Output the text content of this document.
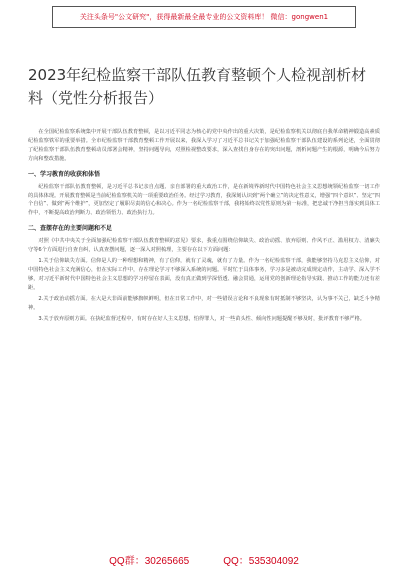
关注头条号"公文研究"，获得最新最全最专业的公文资料库！ 微信：gongwen1
2023年纪检监察干部队伍教育整顿个人检视剖析材料（党性分析报告）

在全国纪检监察系统集中开展干部队伍教育整顿，是以习近平同志为核心的党中央作出的重大决策，是纪检监察机关以彻底自我革命精神锻造高素质纪检监察铁军的重要举措。全市纪检监察干部教育整顿工作开展以来，我深入学习了习近平总书记关于加强纪检监察干部队伍建设的系列论述，全面贯彻了纪检监察干部队伍教育整顿动员部署会精神，坚持问题导向，对照检视整改要求，深入查找自身存在的突出问题，剖析问题产生的根源，明确今后努力方向和整改措施。

一、学习教育的收获和体悟

纪检监察干部队伍教育整顿，是习近平总书记亲自点题、亲自部署的重大政治工作，是在新境界新时代中国特色社会主义思想统领纪检监察一切工作的具体体现。开展教育整顿是当前纪检监察机关的一项重要政治任务。经过学习教育，我深刻认识到“两个确立”的决定性意义，增强“四个意识”、坚定“四个自信”、做到“两个维护”，更加坚定了履职尽责的信心和决心。作为一名纪检监察干部，我将始终以党性原则为第一标准，把忠诚干净担当落实到具体工作中，不断提高政治判断力、政治领悟力、政治执行力。

二、查摆存在的主要问题和不足

对照《中共中央关于全面加强纪检监察干部队伍教育整顿的意见》要求，我重点围绕信仰缺失、政治动摇、放弃原则、作风不正、滥用权力、清廉失守等6个方面进行自查自纠，认真查摆问题，逐一深入对照梳理，主要存在以下方面问题：

1.关于信仰缺失方面。信仰是人的一种理想和精神，有了信仰，就有了灵魂，就有了力量。作为一名纪检监察干部，我能够坚持马克思主义信仰，对中国特色社会主义充满信心，但在实际工作中，存在理论学习不够深入系统的问题。平时忙于具体事务，学习多是被动完成规定动作，主动学、深入学不够，对习近平新时代中国特色社会主义思想的学习停留在表面，没有真正做到学深悟透、融会贯通，运用党的创新理论指导实践、推动工作的能力还有差距。

2.关于政治动摇方面。在大是大非面前能够旗帜鲜明，但在日常工作中，对一些错误言论和不良现象有时抵制不够坚决，认为事不关己，缺乏斗争精神。

3.关于放弃原则方面。在执纪监督过程中，有时存在好人主义思想，怕得罪人，对一些苗头性、倾向性问题提醒不够及时，批评教育不够严格。

QQ群：30265665	QQ：535304092
